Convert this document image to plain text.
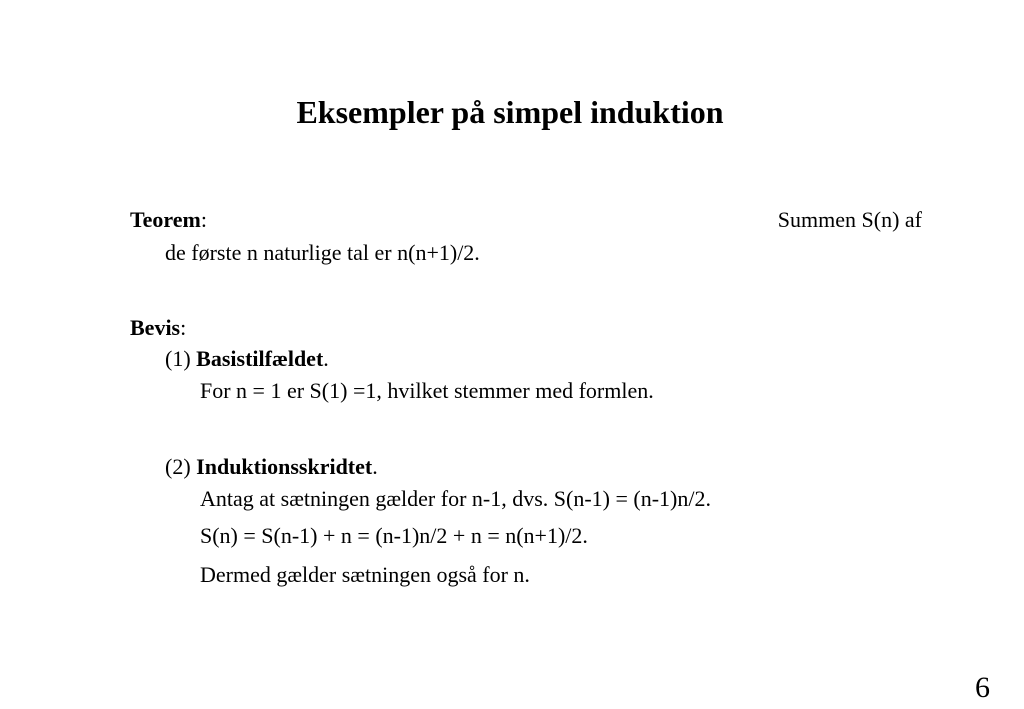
Eksempler på simpel induktion
Teorem:	Summen S(n) af
de første n naturlige tal er n(n+1)/2.
Bevis:
(1) Basistilfældet.
For n = 1 er S(1) =1, hvilket stemmer med formlen.
(2) Induktionsskridtet.
Antag at sætningen gælder for n-1, dvs. S(n-1) = (n-1)n/2.
S(n) = S(n-1) + n = (n-1)n/2 + n = n(n+1)/2.
Dermed gælder sætningen også for n.
6
